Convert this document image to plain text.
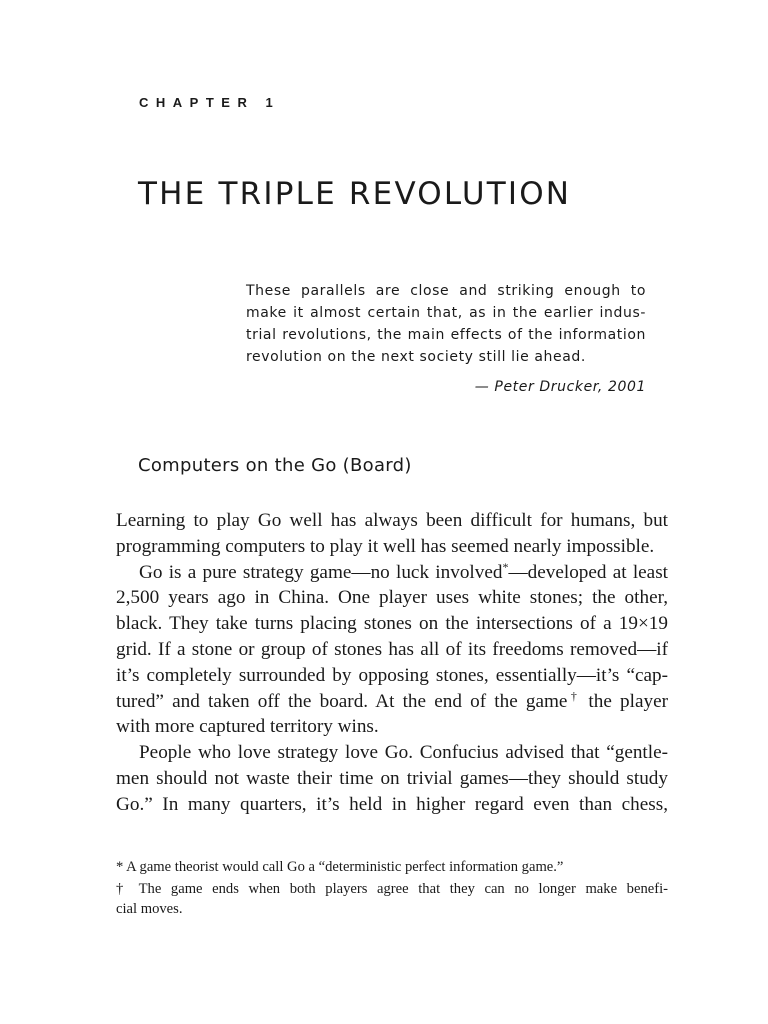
CHAPTER 1
THE TRIPLE REVOLUTION
These parallels are close and striking enough to
make it almost certain that, as in the earlier indus-
trial revolutions, the main effects of the information
revolution on the next society still lie ahead.
— Peter Drucker, 2001
Computers on the Go (Board)
Learning to play Go well has always been difficult for humans, but
programming computers to play it well has seemed nearly impossible.
Go is a pure strategy game—no luck involved*—developed at least
2,500 years ago in China. One player uses white stones; the other,
black. They take turns placing stones on the intersections of a 19×19
grid. If a stone or group of stones has all of its freedoms removed—if
it’s completely surrounded by opposing stones, essentially—it’s “cap-
tured” and taken off the board. At the end of the game† the player
with more captured territory wins.
People who love strategy love Go. Confucius advised that “gentle-
men should not waste their time on trivial games—they should study
Go.” In many quarters, it’s held in higher regard even than chess,
* A game theorist would call Go a “deterministic perfect information game.”
† The game ends when both players agree that they can no longer make benefi-
cial moves.
